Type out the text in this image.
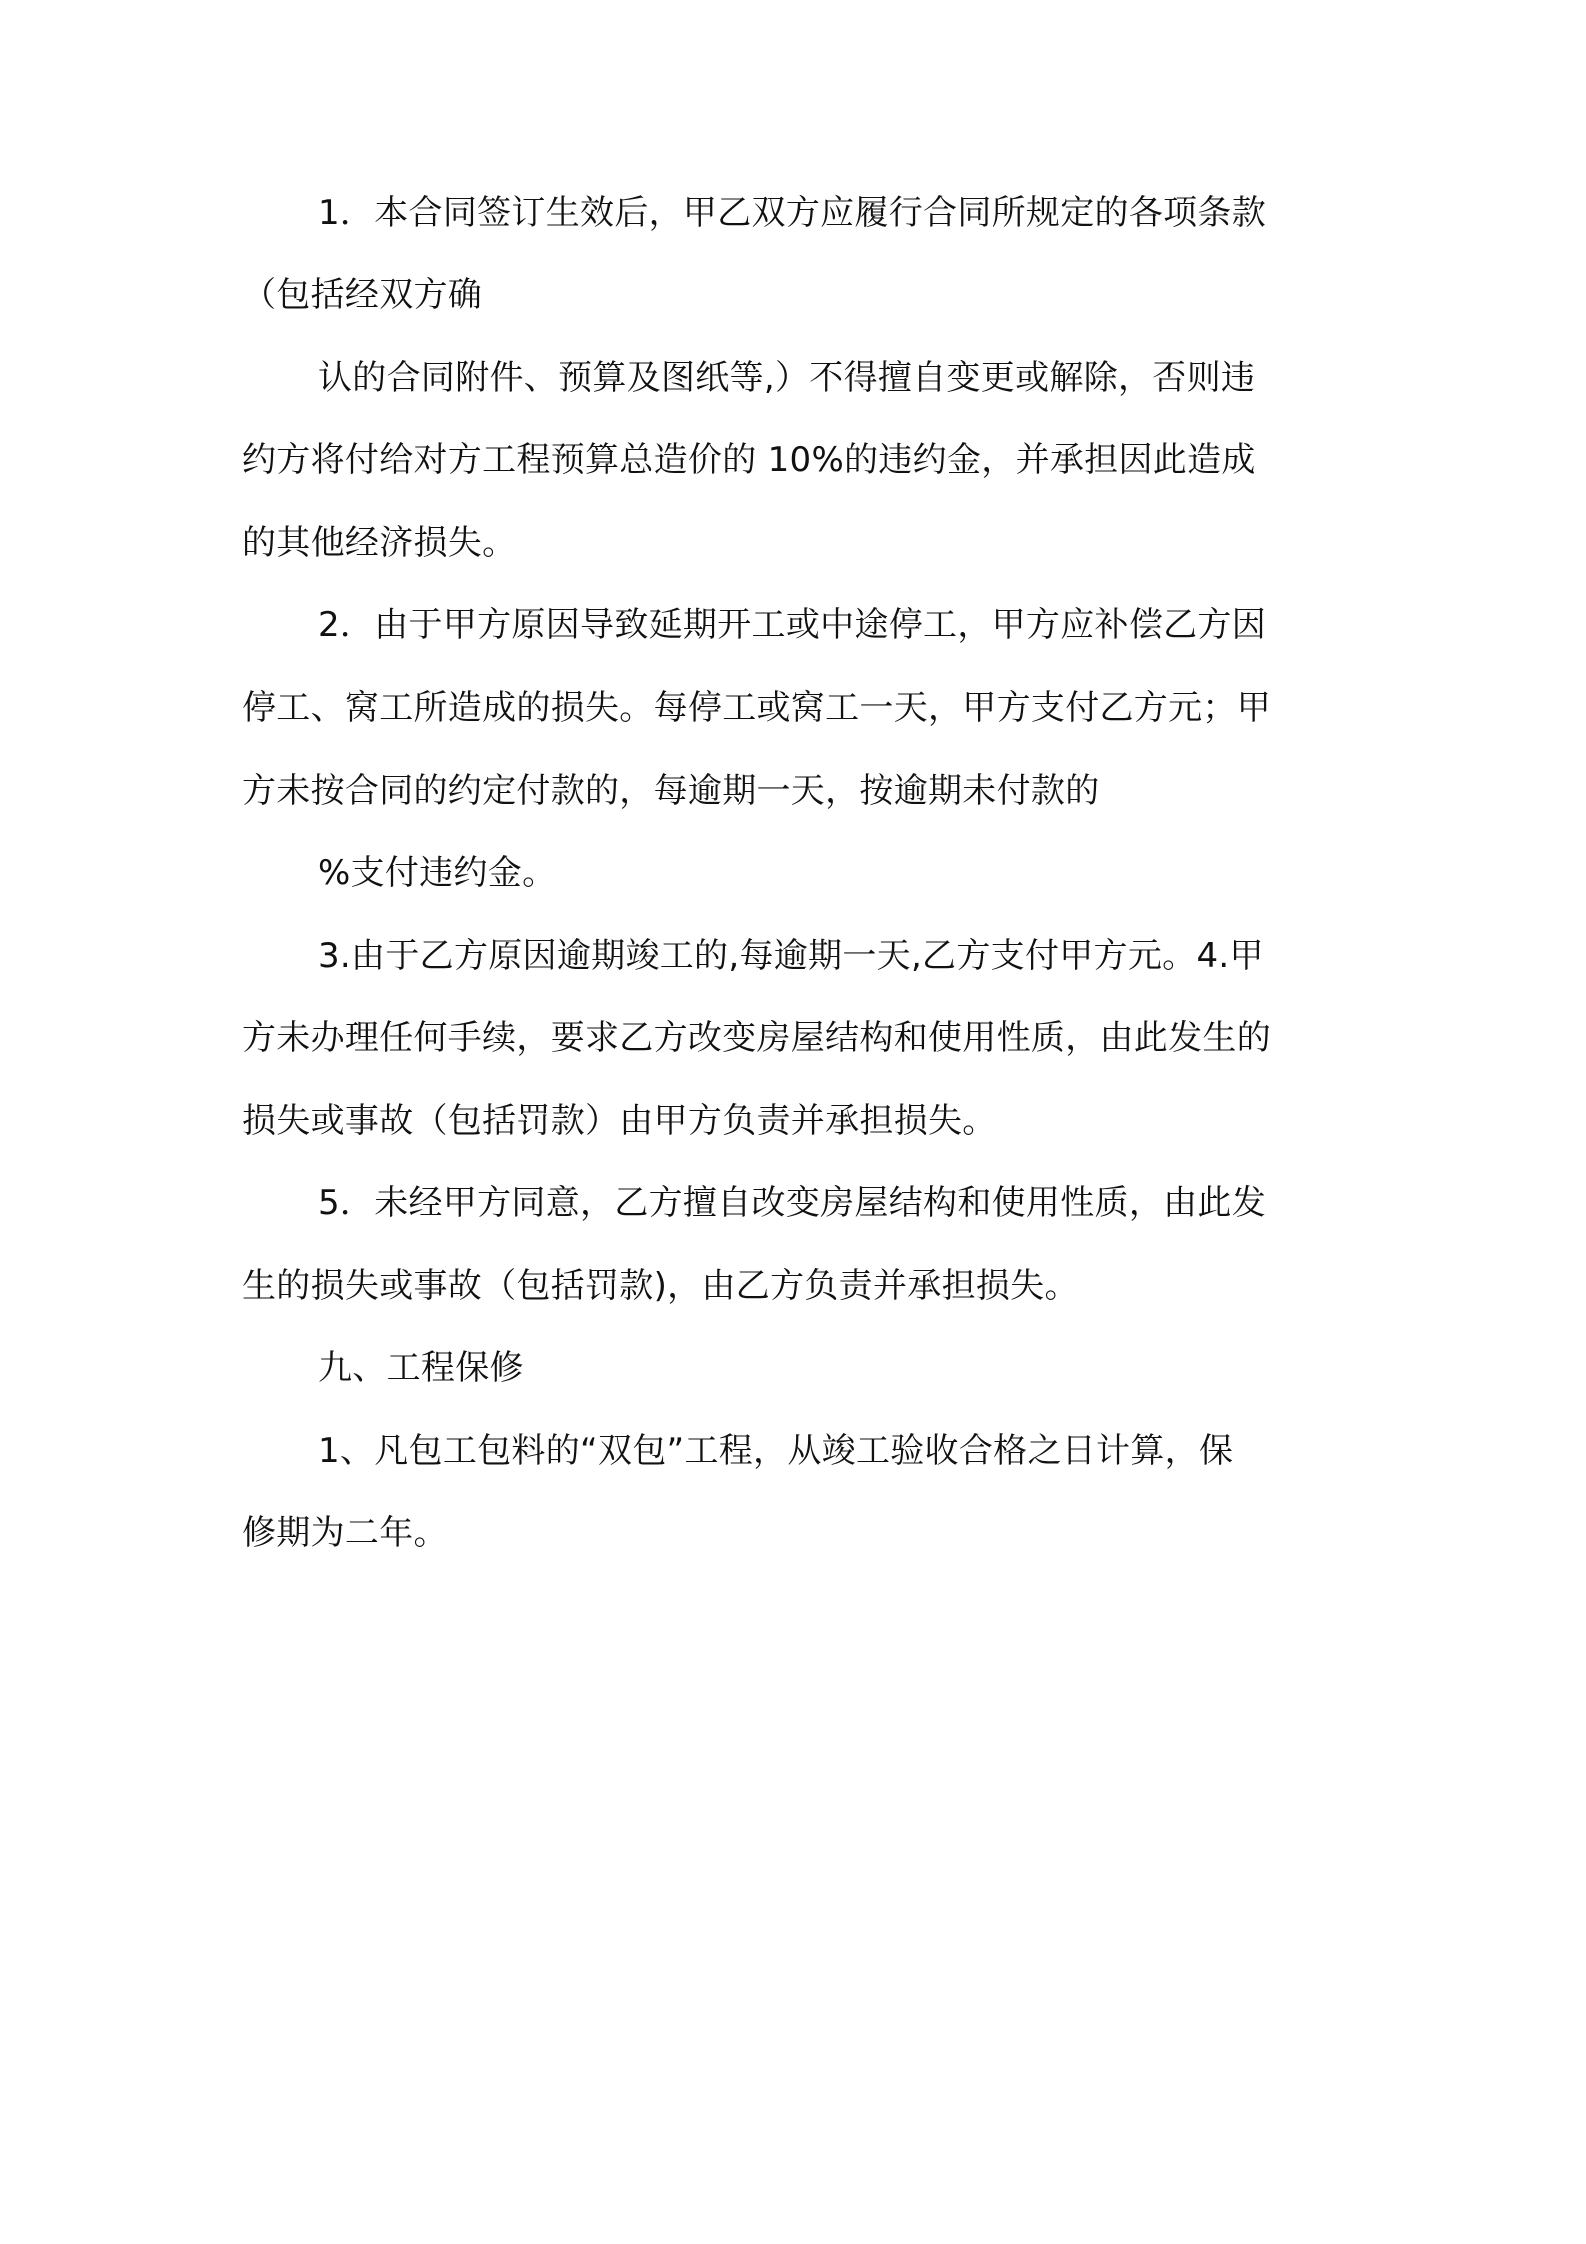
1．本合同签订生效后，甲乙双方应履行合同所规定的各项条款

（包括经双方确

认的合同附件、预算及图纸等,）不得擅自变更或解除，否则违

约方将付给对方工程预算总造价的 10%的违约金，并承担因此造成

的其他经济损失。

2．由于甲方原因导致延期开工或中途停工，甲方应补偿乙方因

停工、窝工所造成的损失。每停工或窝工一天，甲方支付乙方元；甲

方未按合同的约定付款的，每逾期一天，按逾期未付款的

%支付违约金。

3.由于乙方原因逾期竣工的,每逾期一天,乙方支付甲方元。4.甲

方未办理任何手续，要求乙方改变房屋结构和使用性质，由此发生的

损失或事故（包括罚款）由甲方负责并承担损失。

5．未经甲方同意，乙方擅自改变房屋结构和使用性质，由此发

生的损失或事故（包括罚款)，由乙方负责并承担损失。

九、工程保修

1、凡包工包料的“双包”工程，从竣工验收合格之日计算，保

修期为二年。
